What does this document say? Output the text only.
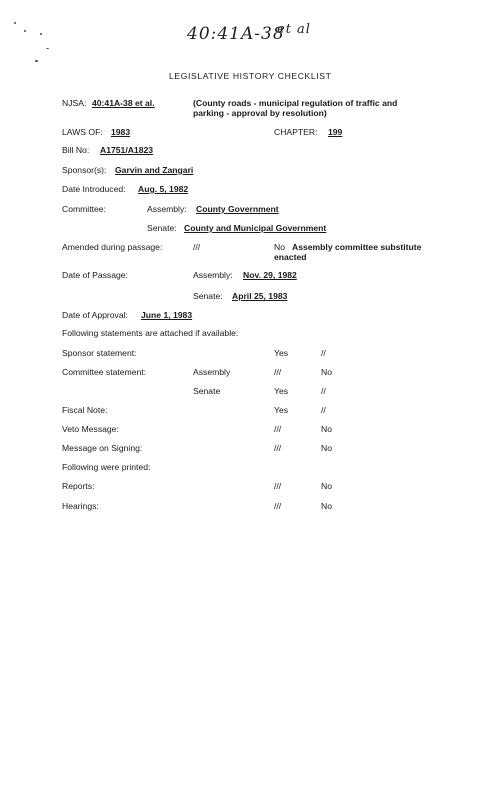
40:41A-38
et al
LEGISLATIVE HISTORY CHECKLIST
NJSA: 40:41A-38 et al.	(County roads - municipal regulation of traffic and
parking - approval by resolution)
LAWS OF: 1983	CHAPTER: 199
Bill No: A1751/A1823
Sponsor(s): Garvin and Zangari
Date Introduced: Aug. 5, 1982
Committee:	Assembly: County Government
Senate: County and Municipal Government
Amended during passage:	///	No Assembly committee substitute
enacted
Date of Passage:	Assembly: Nov. 29, 1982
Senate: April 25, 1983
Date of Approval: June 1, 1983
Following statements are attached if available:
Sponsor statement:	Yes	//
Committee statement:	Assembly	///	No
Senate	Yes	//
Fiscal Note:	Yes	//
Veto Message:	///	No
Message on Signing:	///	No
Following were printed:
Reports:	///	No
Hearings:	///	No
